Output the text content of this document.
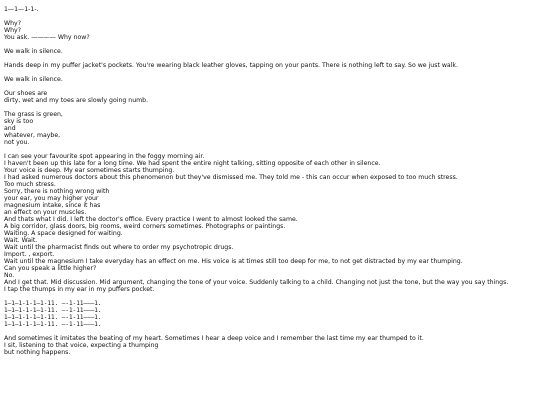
1—1—1-1-.
Why?
Why?
You ask. ———— Why now?
We walk in silence.
Hands deep in my puffer jacket's pockets. You're wearing black leather gloves, tapping on your pants. There is nothing left to say. So we just walk.
We walk in silence.
Our shoes are
dirty, wet and my toes are slowly going numb.
The grass is green,
sky is too
and
whatever, maybe,
not you.
I can see your favourite spot appearing in the foggy morning air.
I haven't been up this late for a long time. We had spent the entire night talking, sitting opposite of each other in silence.
Your voice is deep. My ear sometimes starts thumping.
I had asked numerous doctors about this phenomenon but they've dismissed me. They told me - this can occur when exposed to too much stress.
Too much stress.
Sorry, there is nothing wrong with
your ear, you may higher your
magnesium intake, since it has
an effect on your muscles.
And thats what I did. I left the doctor's office. Every practice I went to almost looked the same.
A big corridor, glass doors, big rooms, weird corners sometimes. Photographs or paintings.
Waiting. A space designed for waiting.
Wait. Wait.
Wait until the pharmacist finds out where to order my psychotropic drugs.
Import. , export.
Wait until the magnesium I take everyday has an effect on me. His voice is at times still too deep for me, to not get distracted by my ear thumping.
Can you speak a little higher?
No.
And I get that. Mid discussion. Mid argument, changing the tone of your voice. Suddenly talking to a child. Changing not just the tone, but the way you say things.
I tap the thumps in my ear in my puffers pocket.
1—1—1-1-1—1-11. —-1-11———1.
1—1—1-1-1—1-11. —-1-11———1.
1—1—1-1-1—1-11. —-1-11———1.
1—1—1-1-1—1-11. —-1-11———1.
And sometimes it imitates the beating of my heart. Sometimes I hear a deep voice and I remember the last time my ear thumped to it.
I sit, listening to that voice, expecting a thumping
but nothing happens.
